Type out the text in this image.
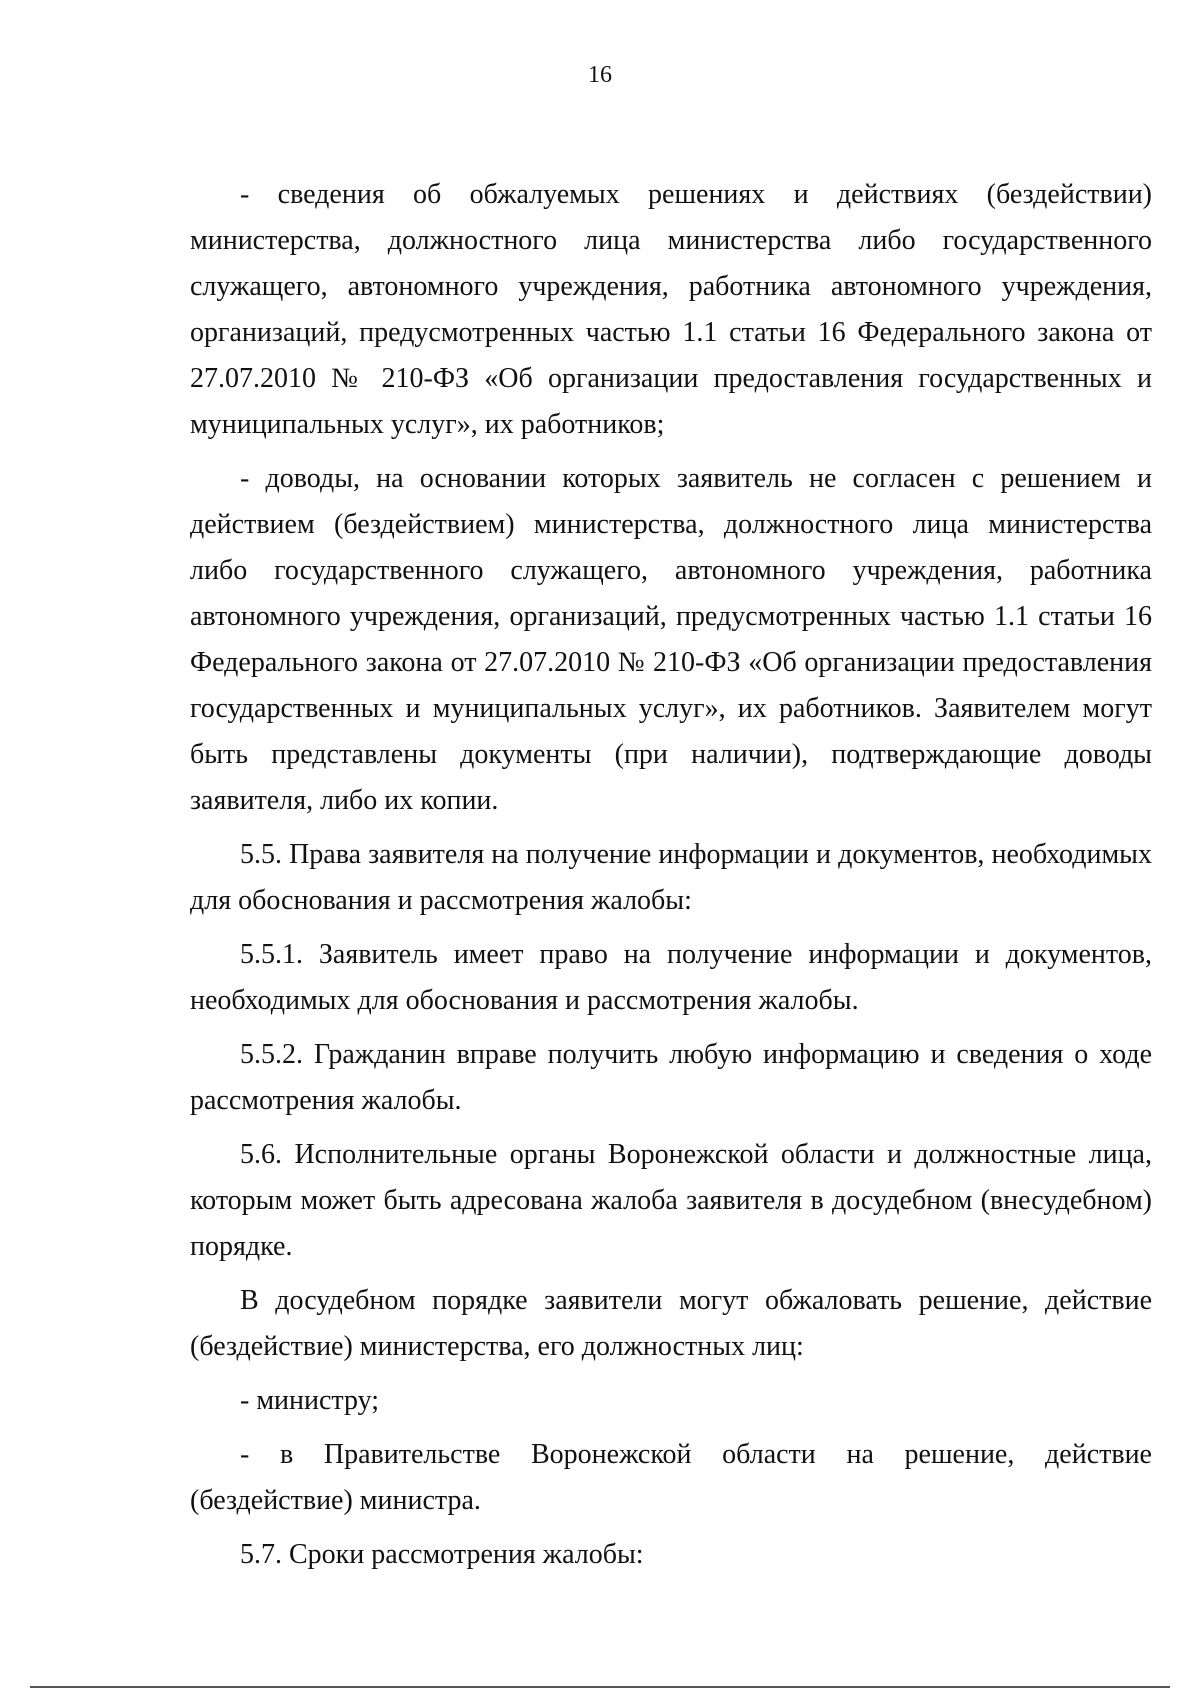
16

- сведения об обжалуемых решениях и действиях (бездействии) министерства, должностного лица министерства либо государственного служащего, автономного учреждения, работника автономного учреждения, организаций, предусмотренных частью 1.1 статьи 16 Федерального закона от 27.07.2010 № 210-ФЗ «Об организации предоставления государственных и муниципальных услуг», их работников;

- доводы, на основании которых заявитель не согласен с решением и действием (бездействием) министерства, должностного лица министерства либо государственного служащего, автономного учреждения, работника автономного учреждения, организаций, предусмотренных частью 1.1 статьи 16 Федерального закона от 27.07.2010 № 210-ФЗ «Об организации предоставления государственных и муниципальных услуг», их работников. Заявителем могут быть представлены документы (при наличии), подтверждающие доводы заявителя, либо их копии.

5.5. Права заявителя на получение информации и документов, необходимых для обоснования и рассмотрения жалобы:

5.5.1. Заявитель имеет право на получение информации и документов, необходимых для обоснования и рассмотрения жалобы.

5.5.2. Гражданин вправе получить любую информацию и сведения о ходе рассмотрения жалобы.

5.6. Исполнительные органы Воронежской области и должностные лица, которым может быть адресована жалоба заявителя в досудебном (внесудебном) порядке.

В досудебном порядке заявители могут обжаловать решение, действие (бездействие) министерства, его должностных лиц:

- министру;

- в Правительстве Воронежской области на решение, действие (бездействие) министра.

5.7. Сроки рассмотрения жалобы:
